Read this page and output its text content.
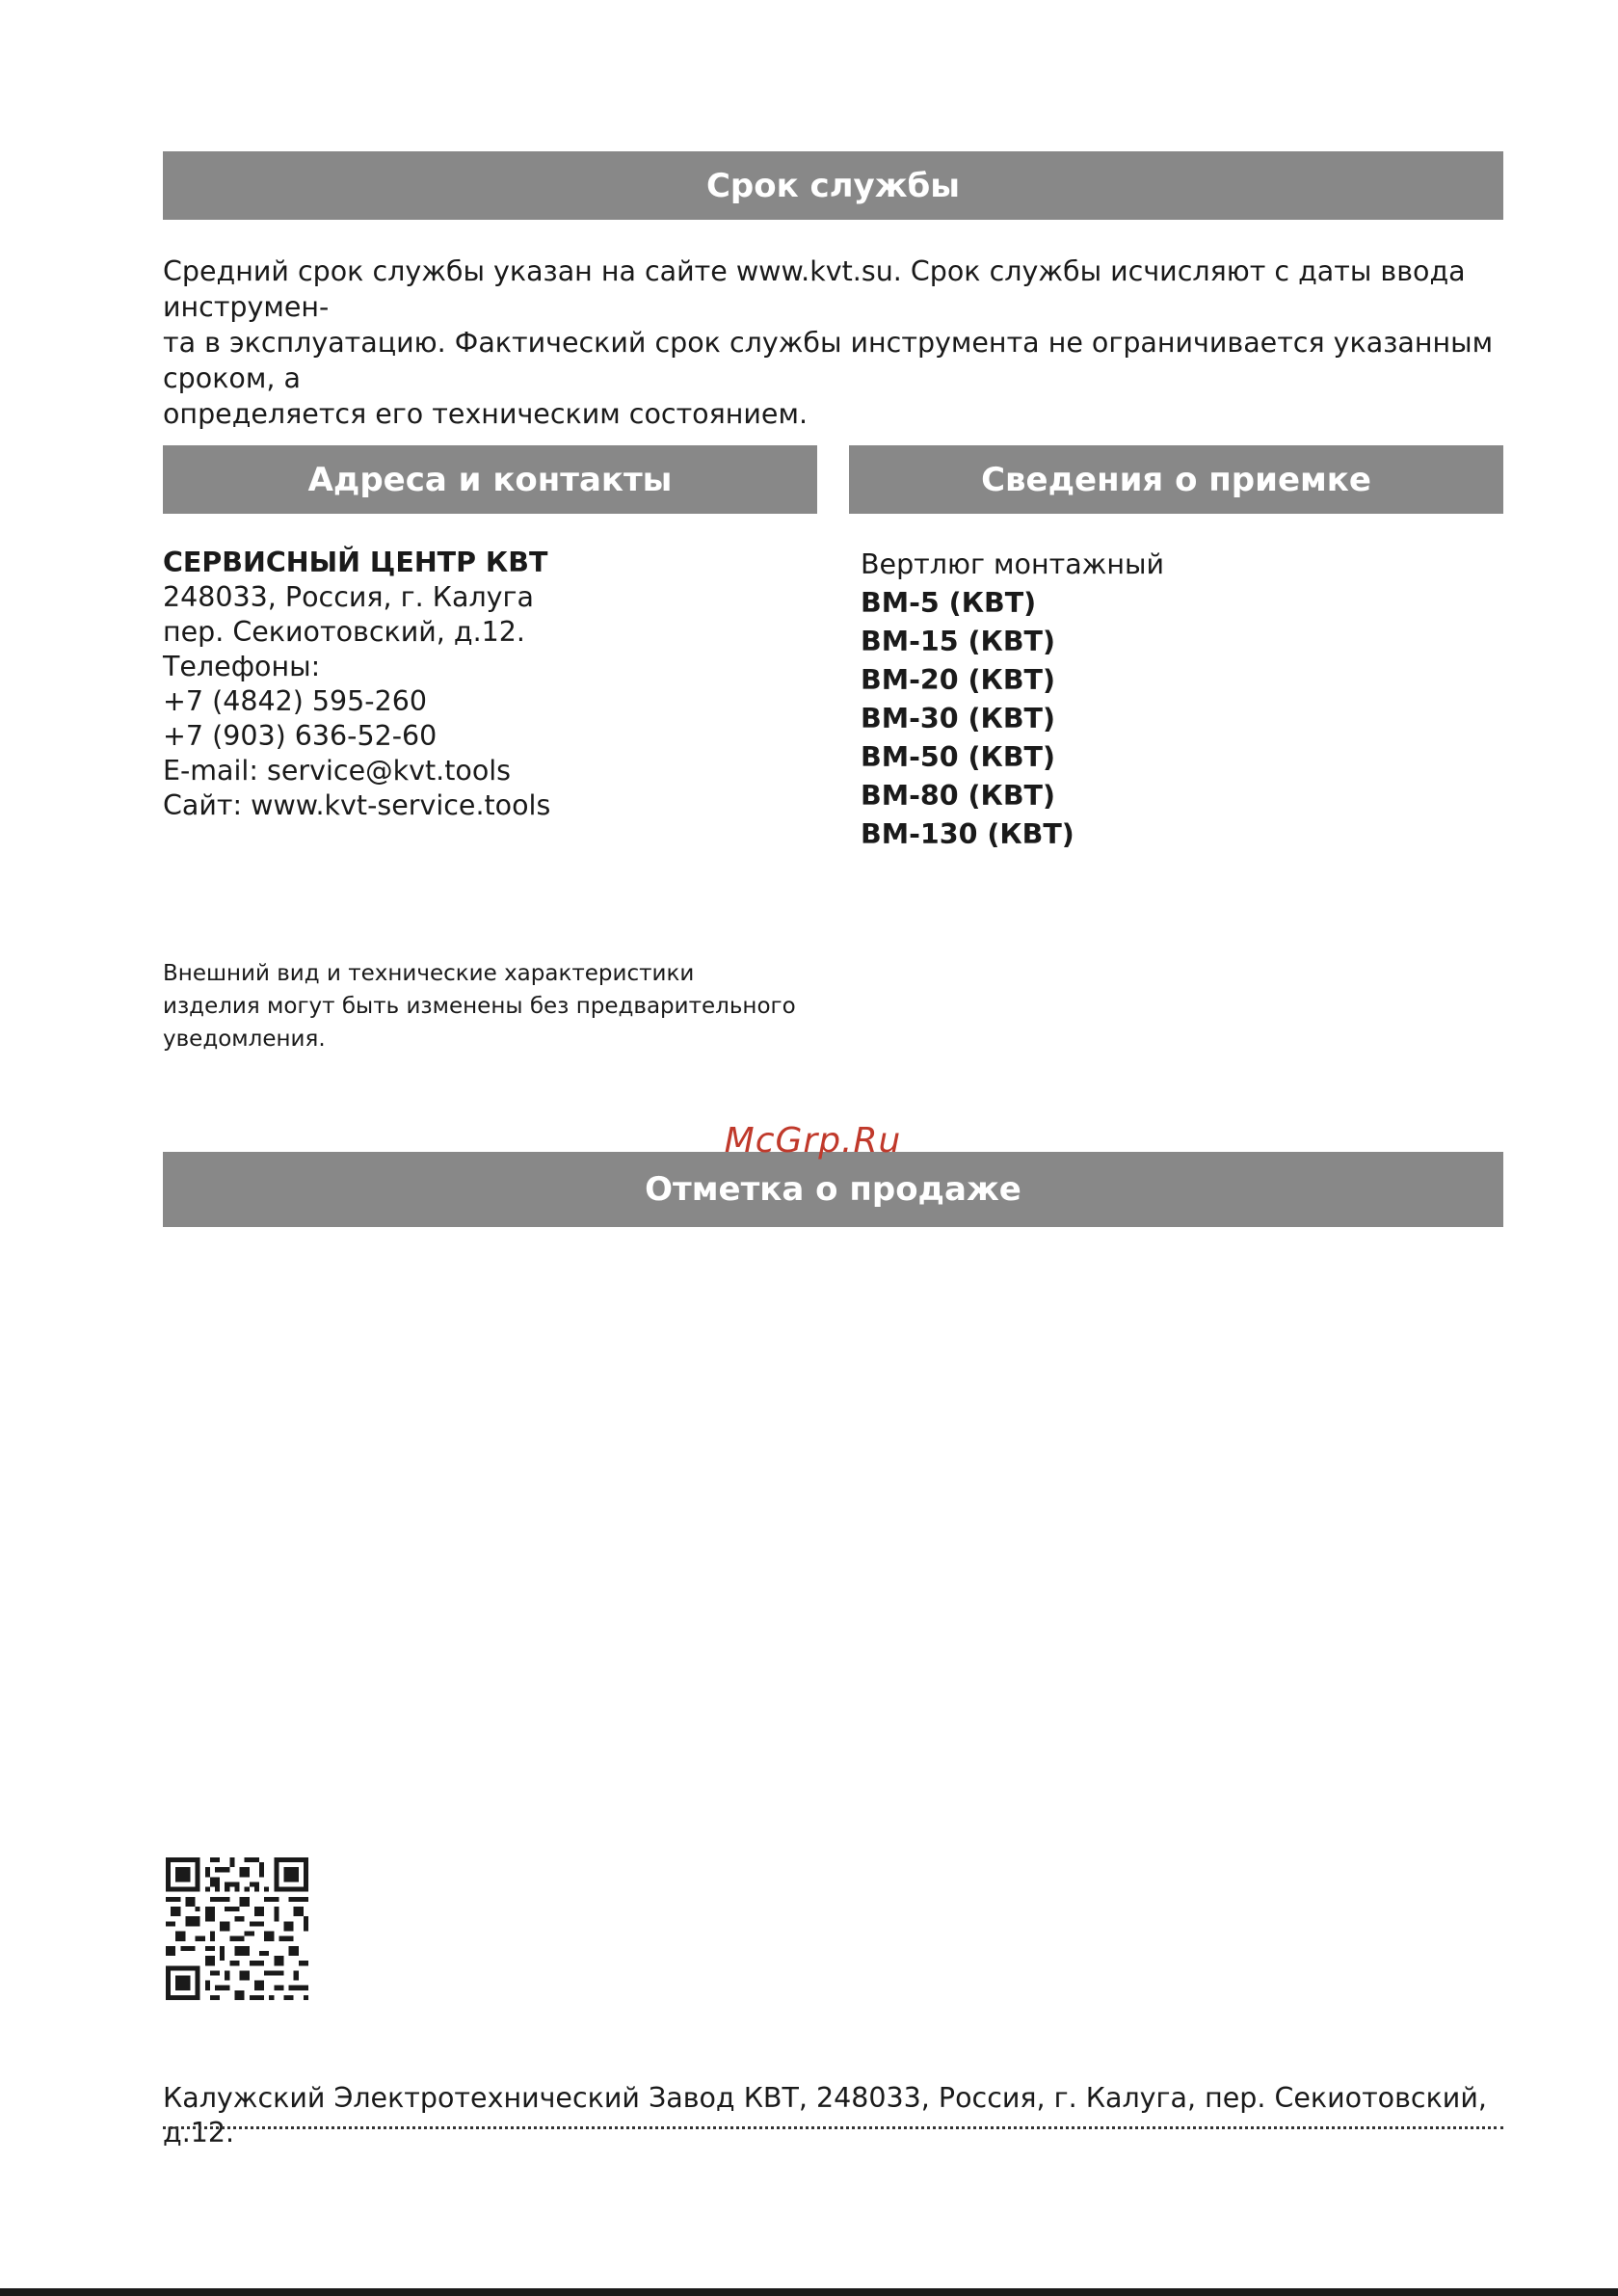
Срок службы
Средний срок службы указан на сайте www.kvt.su. Срок службы исчисляют с даты ввода инструмен-
та в эксплуатацию. Фактический срок службы инструмента не ограничивается указанным сроком, а
определяется его техническим состоянием.
Адреса и контакты	Сведения о приемке
СЕРВИСНЫЙ ЦЕНТР КВТ
248033, Россия, г. Калуга
пер. Секиотовский, д.12.
Телефоны:
+7 (4842) 595-260
+7 (903) 636-52-60
E-mail: service@kvt.tools
Сайт: www.kvt-service.tools
Вертлюг монтажный
ВМ-5 (КВТ)
ВМ-15 (КВТ)
ВМ-20 (КВТ)
ВМ-30 (КВТ)
ВМ-50 (КВТ)
ВМ-80 (КВТ)
ВМ-130 (КВТ)
Внешний вид и технические характеристики
изделия могут быть изменены без предварительного
уведомления.
McGrp.Ru
Отметка о продаже
Калужский Электротехнический Завод КВТ, 248033, Россия, г. Калуга, пер. Секиотовский, д.12.
